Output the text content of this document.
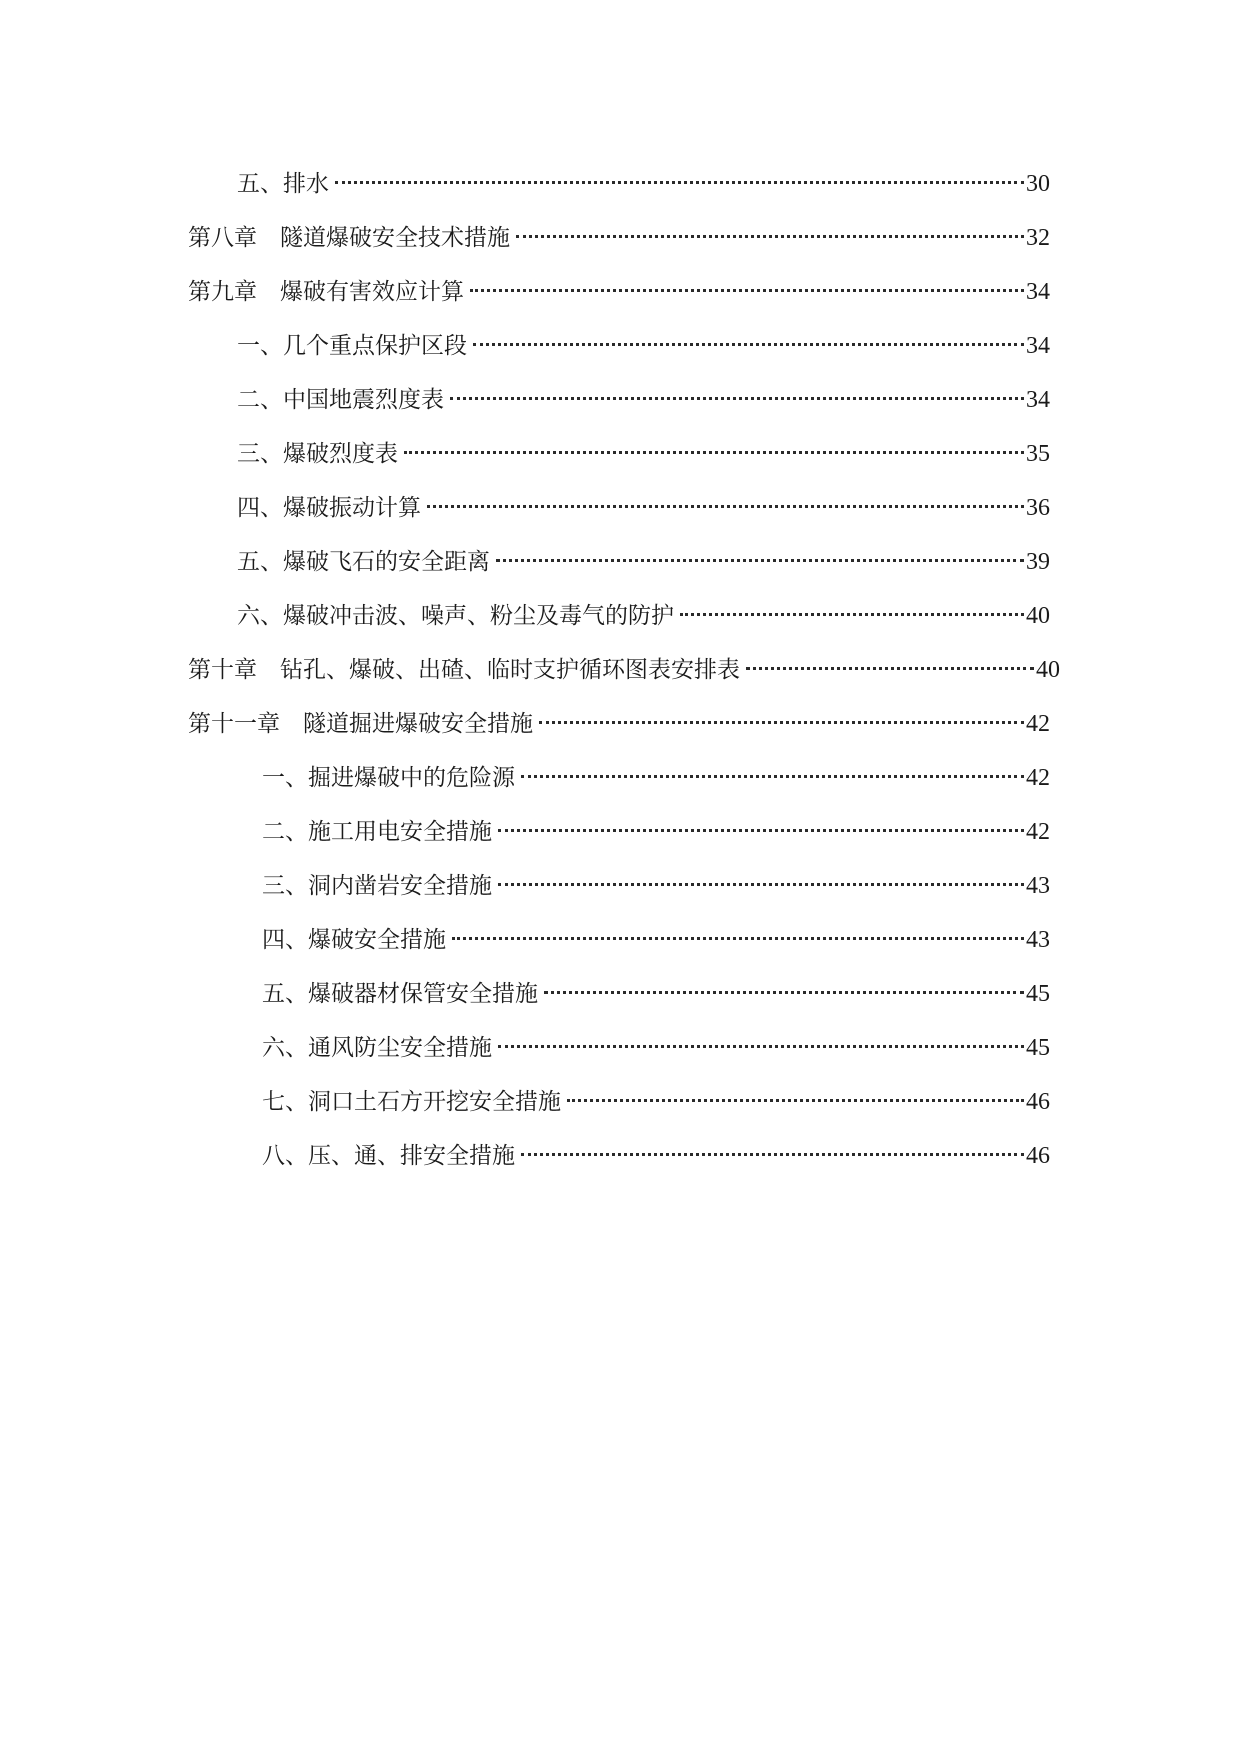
五、排水	30
第八章　隧道爆破安全技术措施	32
第九章　爆破有害效应计算	34
一、几个重点保护区段	34
二、中国地震烈度表	34
三、爆破烈度表	35
四、爆破振动计算	36
五、爆破飞石的安全距离	39
六、爆破冲击波、噪声、粉尘及毒气的防护	40
第十章　钻孔、爆破、出碴、临时支护循环图表安排表	40
第十一章　隧道掘进爆破安全措施	42
一、掘进爆破中的危险源	42
二、施工用电安全措施	42
三、洞内凿岩安全措施	43
四、爆破安全措施	43
五、爆破器材保管安全措施	45
六、通风防尘安全措施	45
七、洞口土石方开挖安全措施	46
八、压、通、排安全措施	46
